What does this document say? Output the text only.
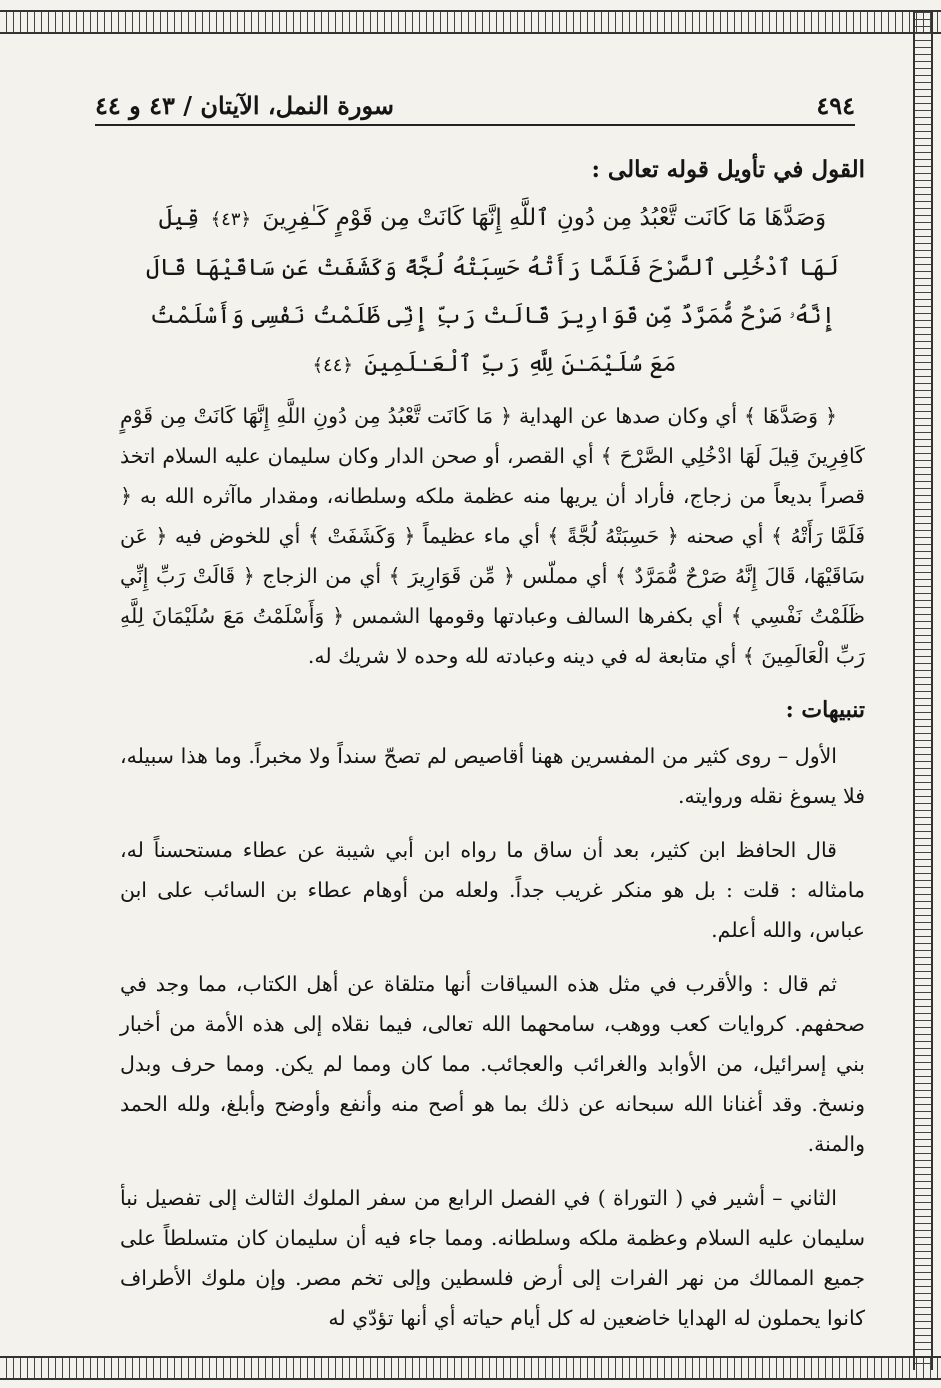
٤٩٤
سورة النمل، الآيتان / ٤٣ و ٤٤
القول في تأويل قوله تعالى :
وَصَدَّهَا مَا كَانَت تَّعْبُدُ مِن دُونِ ٱللَّهِ إِنَّهَا كَانَتْ مِن قَوْمٍ كَـٰفِرِينَ ﴿٤٣﴾ قِيلَ لَهَا ٱدْخُلِى ٱلصَّرْحَ فَلَمَّا رَأَتْهُ حَسِبَتْهُ لُجَّةً وَكَشَفَتْ عَن سَاقَيْهَا قَالَ إِنَّهُۥ صَرْحٌ مُّمَرَّدٌ مِّن قَوَارِيرَ قَالَتْ رَبِّ إِنِّى ظَلَمْتُ نَفْسِى وَأَسْلَمْتُ مَعَ سُلَيْمَـٰنَ لِلَّهِ رَبِّ ٱلْعَـٰلَمِينَ ﴿٤٤﴾

﴿ وَصَدَّهَا ﴾ أي وكان صدها عن الهداية ﴿ مَا كَانَت تَّعْبُدُ مِن دُونِ اللَّهِ إِنَّهَا كَانَتْ مِن قَوْمٍ كَافِرِينَ قِيلَ لَهَا ادْخُلِي الصَّرْحَ ﴾ أي القصر، أو صحن الدار وكان سليمان عليه السلام اتخذ قصراً بديعاً من زجاج، فأراد أن يريها منه عظمة ملكه وسلطانه، ومقدار ماآثره الله به ﴿ فَلَمَّا رَأَتْهُ ﴾ أي صحنه ﴿ حَسِبَتْهُ لُجَّةً ﴾ أي ماء عظيماً ﴿ وَكَشَفَتْ ﴾ أي للخوض فيه ﴿ عَن سَاقَيْهَا، قَالَ إِنَّهُ صَرْحٌ مُّمَرَّدٌ ﴾ أي مملّس ﴿ مِّن قَوَارِيرَ ﴾ أي من الزجاج ﴿ قَالَتْ رَبِّ إِنِّي ظَلَمْتُ نَفْسِي ﴾ أي بكفرها السالف وعبادتها وقومها الشمس ﴿ وَأَسْلَمْتُ مَعَ سُلَيْمَانَ لِلَّهِ رَبِّ الْعَالَمِينَ ﴾ أي متابعة له في دينه وعبادته لله وحده لا شريك له.

تنبيهات :

الأول – روى كثير من المفسرين ههنا أقاصيص لم تصحّ سنداً ولا مخبراً. وما هذا سبيله، فلا يسوغ نقله وروايته.

قال الحافظ ابن كثير، بعد أن ساق ما رواه ابن أبي شيبة عن عطاء مستحسناً له، مامثاله : قلت : بل هو منكر غريب جداً. ولعله من أوهام عطاء بن السائب على ابن عباس، والله أعلم.

ثم قال : والأقرب في مثل هذه السياقات أنها متلقاة عن أهل الكتاب، مما وجد في صحفهم. كروايات كعب ووهب، سامحهما الله تعالى، فيما نقلاه إلى هذه الأمة من أخبار بني إسرائيل، من الأوابد والغرائب والعجائب. مما كان ومما لم يكن. ومما حرف وبدل ونسخ. وقد أغنانا الله سبحانه عن ذلك بما هو أصح منه وأنفع وأوضح وأبلغ، ولله الحمد والمنة.

الثاني – أشير في ( التوراة ) في الفصل الرابع من سفر الملوك الثالث إلى تفصيل نبأ سليمان عليه السلام وعظمة ملكه وسلطانه. ومما جاء فيه أن سليمان كان متسلطاً على جميع الممالك من نهر الفرات إلى أرض فلسطين وإلى تخم مصر. وإن ملوك الأطراف كانوا يحملون له الهدايا خاضعين له كل أيام حياته أي أنها تؤدّي له
